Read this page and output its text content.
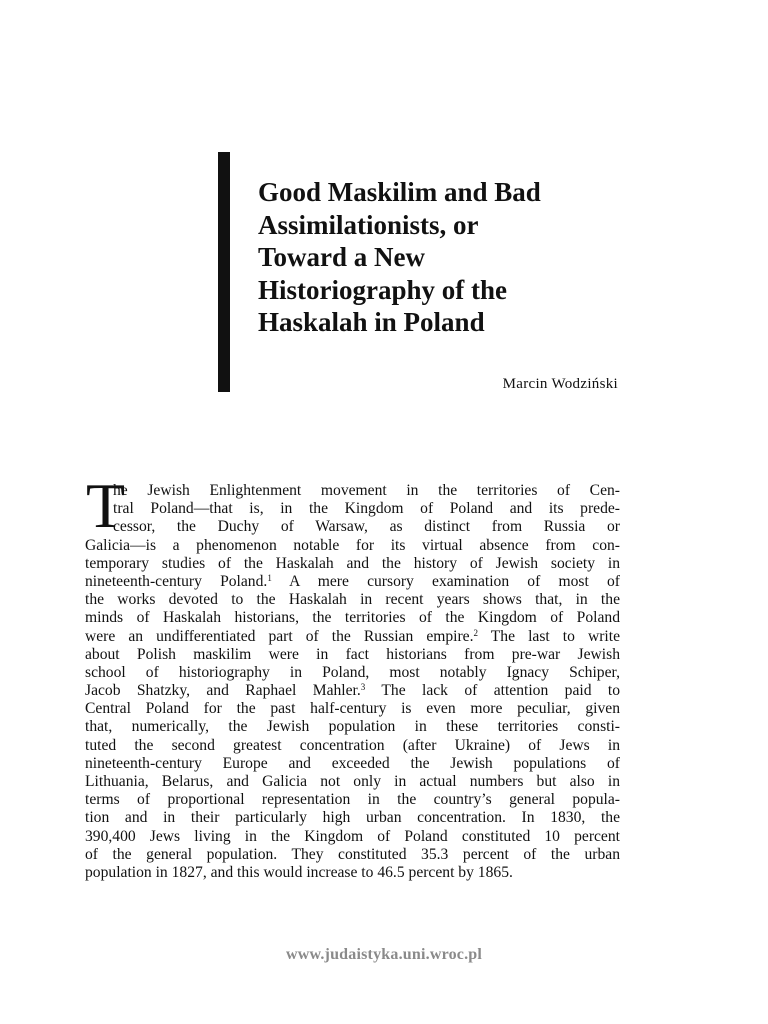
Good Maskilim and Bad
Assimilationists, or
Toward a New
Historiography of the
Haskalah in Poland
Marcin Wodziński
T
he Jewish Enlightenment movement in the territories of Cen-
tral Poland—that is, in the Kingdom of Poland and its prede-
cessor, the Duchy of Warsaw, as distinct from Russia or
Galicia—is a phenomenon notable for its virtual absence from con-
temporary studies of the Haskalah and the history of Jewish society in
nineteenth-century Poland.$^1$ A mere cursory examination of most of
the works devoted to the Haskalah in recent years shows that, in the
minds of Haskalah historians, the territories of the Kingdom of Poland
were an undifferentiated part of the Russian empire.$^2$ The last to write
about Polish maskilim were in fact historians from pre-war Jewish
school of historiography in Poland, most notably Ignacy Schiper,
Jacob Shatzky, and Raphael Mahler.$^3$ The lack of attention paid to
Central Poland for the past half-century is even more peculiar, given
that, numerically, the Jewish population in these territories consti-
tuted the second greatest concentration (after Ukraine) of Jews in
nineteenth-century Europe and exceeded the Jewish populations of
Lithuania, Belarus, and Galicia not only in actual numbers but also in
terms of proportional representation in the country’s general popula-
tion and in their particularly high urban concentration. In 1830, the
390,400 Jews living in the Kingdom of Poland constituted 10 percent
of the general population. They constituted 35.3 percent of the urban
population in 1827, and this would increase to 46.5 percent by 1865.
www.judaistyka.uni.wroc.pl
